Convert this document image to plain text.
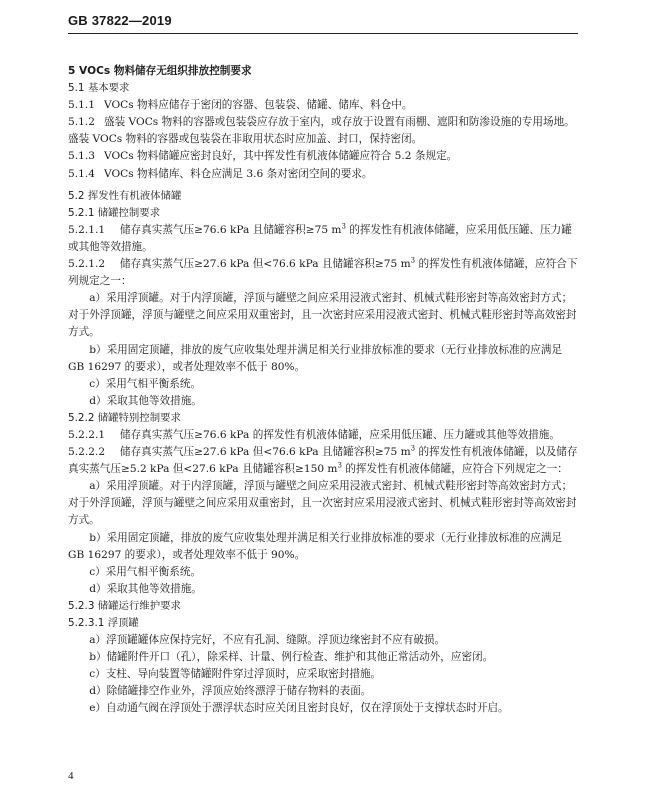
GB 37822—2019

5 VOCs 物料储存无组织排放控制要求

5.1 基本要求

5.1.1 VOCs 物料应储存于密闭的容器、包装袋、储罐、储库、料仓中。

5.1.2 盛装 VOCs 物料的容器或包装袋应存放于室内，或存放于设置有雨棚、遮阳和防渗设施的专用场地。盛装 VOCs 物料的容器或包装袋在非取用状态时应加盖、封口，保持密闭。

5.1.3 VOCs 物料储罐应密封良好，其中挥发性有机液体储罐应符合 5.2 条规定。

5.1.4 VOCs 物料储库、料仓应满足 3.6 条对密闭空间的要求。

5.2 挥发性有机液体储罐

5.2.1 储罐控制要求

5.2.1.1 储存真实蒸气压≥76.6 kPa 且储罐容积≥75 $m^3$ 的挥发性有机液体储罐，应采用低压罐、压力罐或其他等效措施。

5.2.1.2 储存真实蒸气压≥27.6 kPa 但<76.6 kPa 且储罐容积≥75 $m^3$ 的挥发性有机液体储罐，应符合下列规定之一：

a）采用浮顶罐。对于内浮顶罐，浮顶与罐壁之间应采用浸液式密封、机械式鞋形密封等高效密封方式；对于外浮顶罐，浮顶与罐壁之间应采用双重密封，且一次密封应采用浸液式密封、机械式鞋形密封等高效密封方式。

b）采用固定顶罐，排放的废气应收集处理并满足相关行业排放标准的要求（无行业排放标准的应满足 GB 16297 的要求），或者处理效率不低于 80%。

c）采用气相平衡系统。

d）采取其他等效措施。

5.2.2 储罐特别控制要求

5.2.2.1 储存真实蒸气压≥76.6 kPa 的挥发性有机液体储罐，应采用低压罐、压力罐或其他等效措施。

5.2.2.2 储存真实蒸气压≥27.6 kPa 但<76.6 kPa 且储罐容积≥75 $m^3$ 的挥发性有机液体储罐，以及储存真实蒸气压≥5.2 kPa 但<27.6 kPa 且储罐容积≥150 $m^3$ 的挥发性有机液体储罐，应符合下列规定之一：

a）采用浮顶罐。对于内浮顶罐，浮顶与罐壁之间应采用浸液式密封、机械式鞋形密封等高效密封方式；对于外浮顶罐，浮顶与罐壁之间应采用双重密封，且一次密封应采用浸液式密封、机械式鞋形密封等高效密封方式。

b）采用固定顶罐，排放的废气应收集处理并满足相关行业排放标准的要求（无行业排放标准的应满足 GB 16297 的要求），或者处理效率不低于 90%。

c）采用气相平衡系统。

d）采取其他等效措施。

5.2.3 储罐运行维护要求

5.2.3.1 浮顶罐

a）浮顶罐罐体应保持完好，不应有孔洞、缝隙。浮顶边缘密封不应有破损。

b）储罐附件开口（孔），除采样、计量、例行检查、维护和其他正常活动外，应密闭。

c）支柱、导向装置等储罐附件穿过浮顶时，应采取密封措施。

d）除储罐排空作业外，浮顶应始终漂浮于储存物料的表面。

e）自动通气阀在浮顶处于漂浮状态时应关闭且密封良好，仅在浮顶处于支撑状态时开启。

4
